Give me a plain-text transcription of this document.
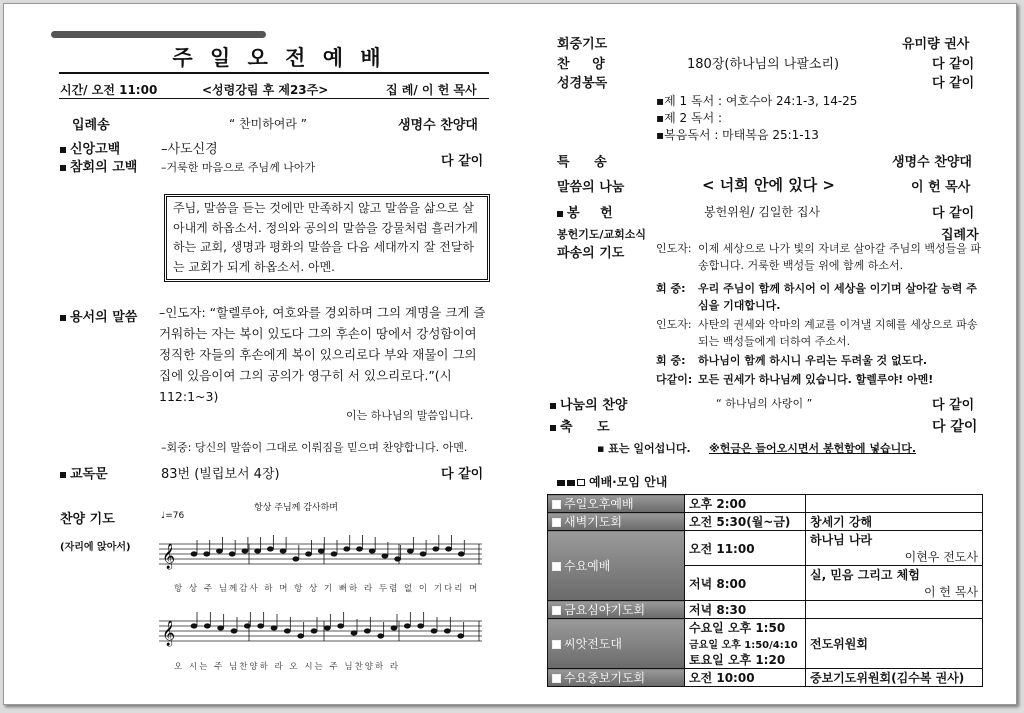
주 일 오 전 예 배
시간/ 오전 11:00	<성령강림 후 제23주>	집 례/ 이 헌 목사
입례송	“ 찬미하여라 ”	생명수 찬양대
신앙고백	–사도신경
참회의 고백 –거룩한 마음으로 주님께 나아가	다 같이
주님, 말씀을 듣는 것에만 만족하지 않고 말씀을 삶으로 살아내게 하옵소서. 정의와 공의의 말씀을 강물처럼 흘러가게 하는 교회, 생명과 평화의 말씀을 다음 세대까지 잘 전달하는 교회가 되게 하옵소서. 아멘.
용서의 말씀 –인도자: “할렐루야, 여호와를 경외하며 그의 계명을 크게 즐거워하는 자는 복이 있도다 그의 후손이 땅에서 강성함이여 정직한 자들의 후손에게 복이 있으리로다 부와 재물이 그의 집에 있음이여 그의 공의가 영구히 서 있으리로다.”(시 112:1~3)
이는 하나님의 말씀입니다.
–회중: 당신의 말씀이 그대로 이뤄짐을 믿으며 찬양합니다. 아멘.
교독문	83번 (빌립보서 4장)	다 같이
찬양 기도
(자리에 앉아서) 𝄞
𝄞
항상 주님께 감사하며
♩=76
항 상 주 님께감사 하 며 항 상 기 뻐하 라 두렴 없 이 기다리 며
오 시는 주 님찬양하 라 오 시는 주 님찬양하 라
회중기도	유미량 권사
찬 양	180장(하나님의 나팔소리)	다 같이
성경봉독	다 같이
▪제 1 독서 : 여호수아 24:1-3, 14-25
▪제 2 독서 :
▪복음독서 : 마태복음 25:1-13
특 송	생명수 찬양대
말씀의 나눔	< 너희 안에 있다 >	이 헌 목사
봉 헌	봉헌위원/ 김일한 집사	다 같이
봉헌기도/교회소식	집례자
파송의 기도	인도자: 이제 세상으로 나가 빛의 자녀로 살아갈 주님의 백성들을 파송합니다. 거룩한 백성들 위에 함께 하소서.
회 중: 우리 주님이 함께 하시어 이 세상을 이기며 살아갈 능력 주심을 기대합니다.
인도자: 사탄의 권세와 악마의 계교를 이겨낼 지혜를 세상으로 파송되는 백성들에게 더하여 주소서.
회 중: 하나님이 함께 하시니 우리는 두려울 것 없도다.
다같이: 모든 권세가 하나님께 있습니다. 할렐루야! 아멘!
나눔의 찬양	“ 하나님의 사랑이 ”	다 같이
축 도	다 같이
▪ 표는 일어섭니다. ※헌금은 들어오시면서 봉헌함에 넣습니다.
예배·모임 안내
주일오후예배	오후 2:00	
새벽기도회	오전 5:30(월~금)	창세기 강해
수요예배	오전 11:00	하나님 나라
이현우 전도사

	저녁 8:00	실, 믿음 그리고 체험
이 헌 목사

금요심야기도회	저녁 8:30	
씨앗전도대	수요일 오후 1:50
금요일 오후 1:50/4:10
토요일 오후 1:20	전도위원회
수요중보기도회	오전 10:00	중보기도위원회(김수복 권사)
